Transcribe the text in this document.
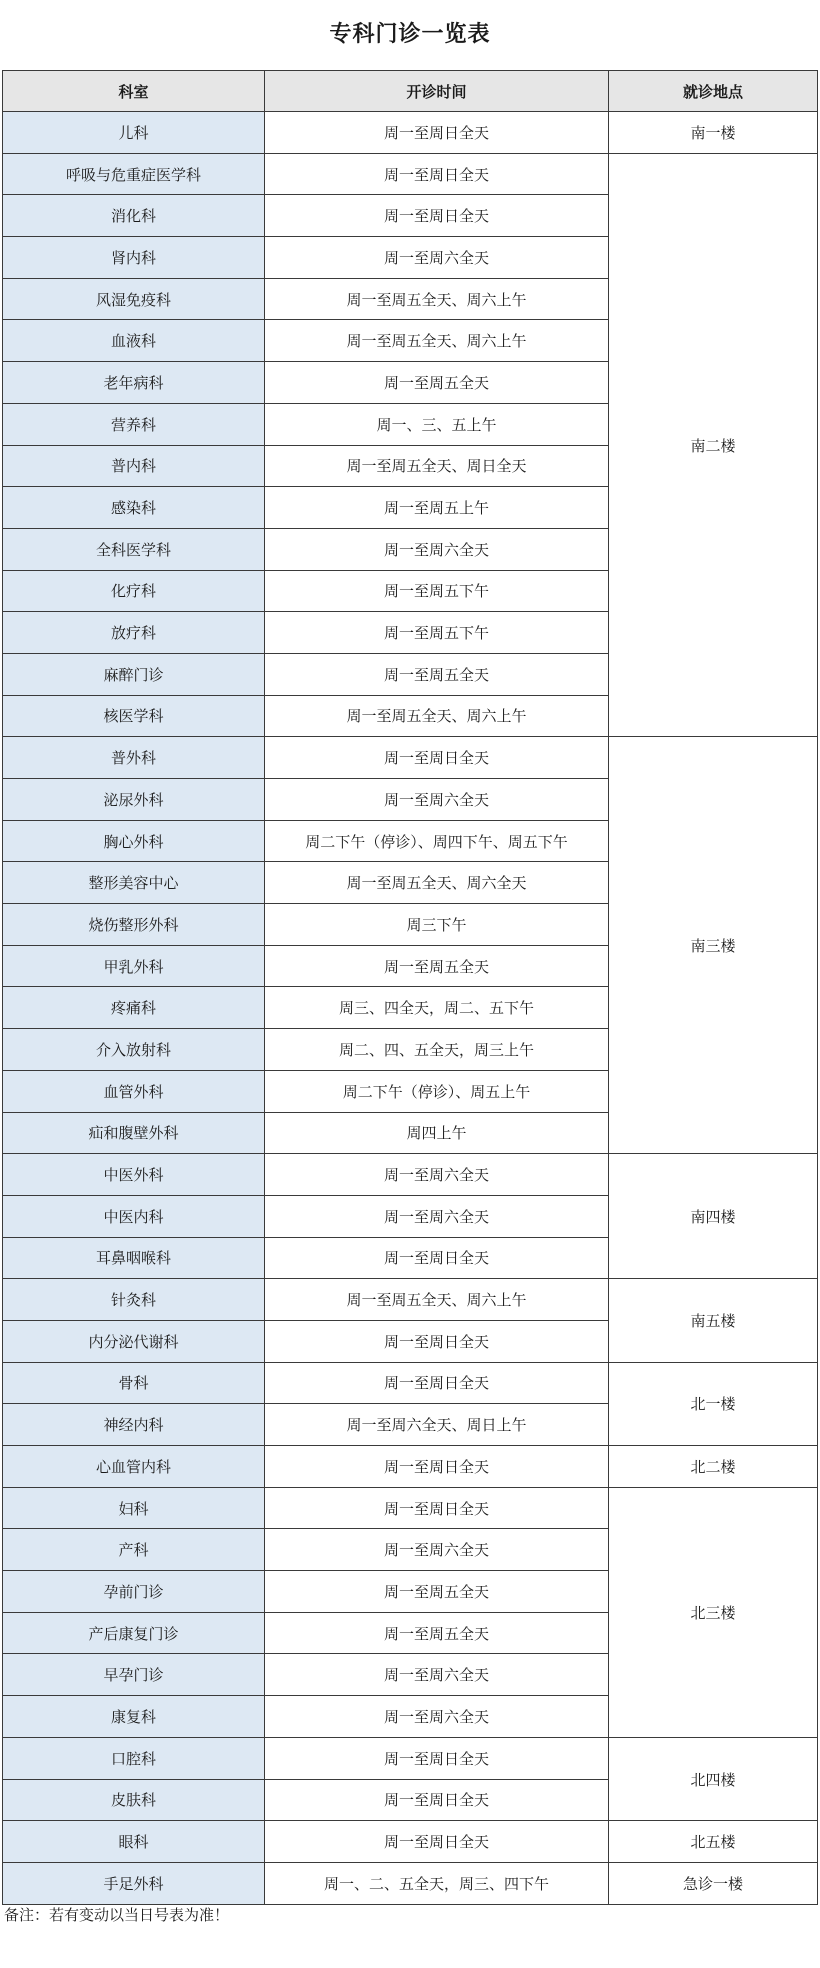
专科门诊一览表
科室	开诊时间	就诊地点
儿科	周一至周日全天	南一楼
呼吸与危重症医学科	周一至周日全天	南二楼
消化科	周一至周日全天	
肾内科	周一至周六全天	
风湿免疫科	周一至周五全天、周六上午	
血液科	周一至周五全天、周六上午	
老年病科	周一至周五全天	
营养科	周一、三、五上午	
普内科	周一至周五全天、周日全天	
感染科	周一至周五上午	
全科医学科	周一至周六全天	
化疗科	周一至周五下午	
放疗科	周一至周五下午	
麻醉门诊	周一至周五全天	
核医学科	周一至周五全天、周六上午	
普外科	周一至周日全天	南三楼
泌尿外科	周一至周六全天	
胸心外科	周二下午（停诊）、周四下午、周五下午	
整形美容中心	周一至周五全天、周六全天	
烧伤整形外科	周三下午	
甲乳外科	周一至周五全天	
疼痛科	周三、四全天，周二、五下午	
介入放射科	周二、四、五全天，周三上午	
血管外科	周二下午（停诊）、周五上午	
疝和腹壁外科	周四上午	
中医外科	周一至周六全天	南四楼
中医内科	周一至周六全天	
耳鼻咽喉科	周一至周日全天	
针灸科	周一至周五全天、周六上午	南五楼
内分泌代谢科	周一至周日全天	
骨科	周一至周日全天	北一楼
神经内科	周一至周六全天、周日上午	
心血管内科	周一至周日全天	北二楼
妇科	周一至周日全天	北三楼
产科	周一至周六全天	
孕前门诊	周一至周五全天	
产后康复门诊	周一至周五全天	
早孕门诊	周一至周六全天	
康复科	周一至周六全天	
口腔科	周一至周日全天	北四楼
皮肤科	周一至周日全天	
眼科	周一至周日全天	北五楼
手足外科	周一、二、五全天，周三、四下午	急诊一楼
备注：若有变动以当日号表为准！
